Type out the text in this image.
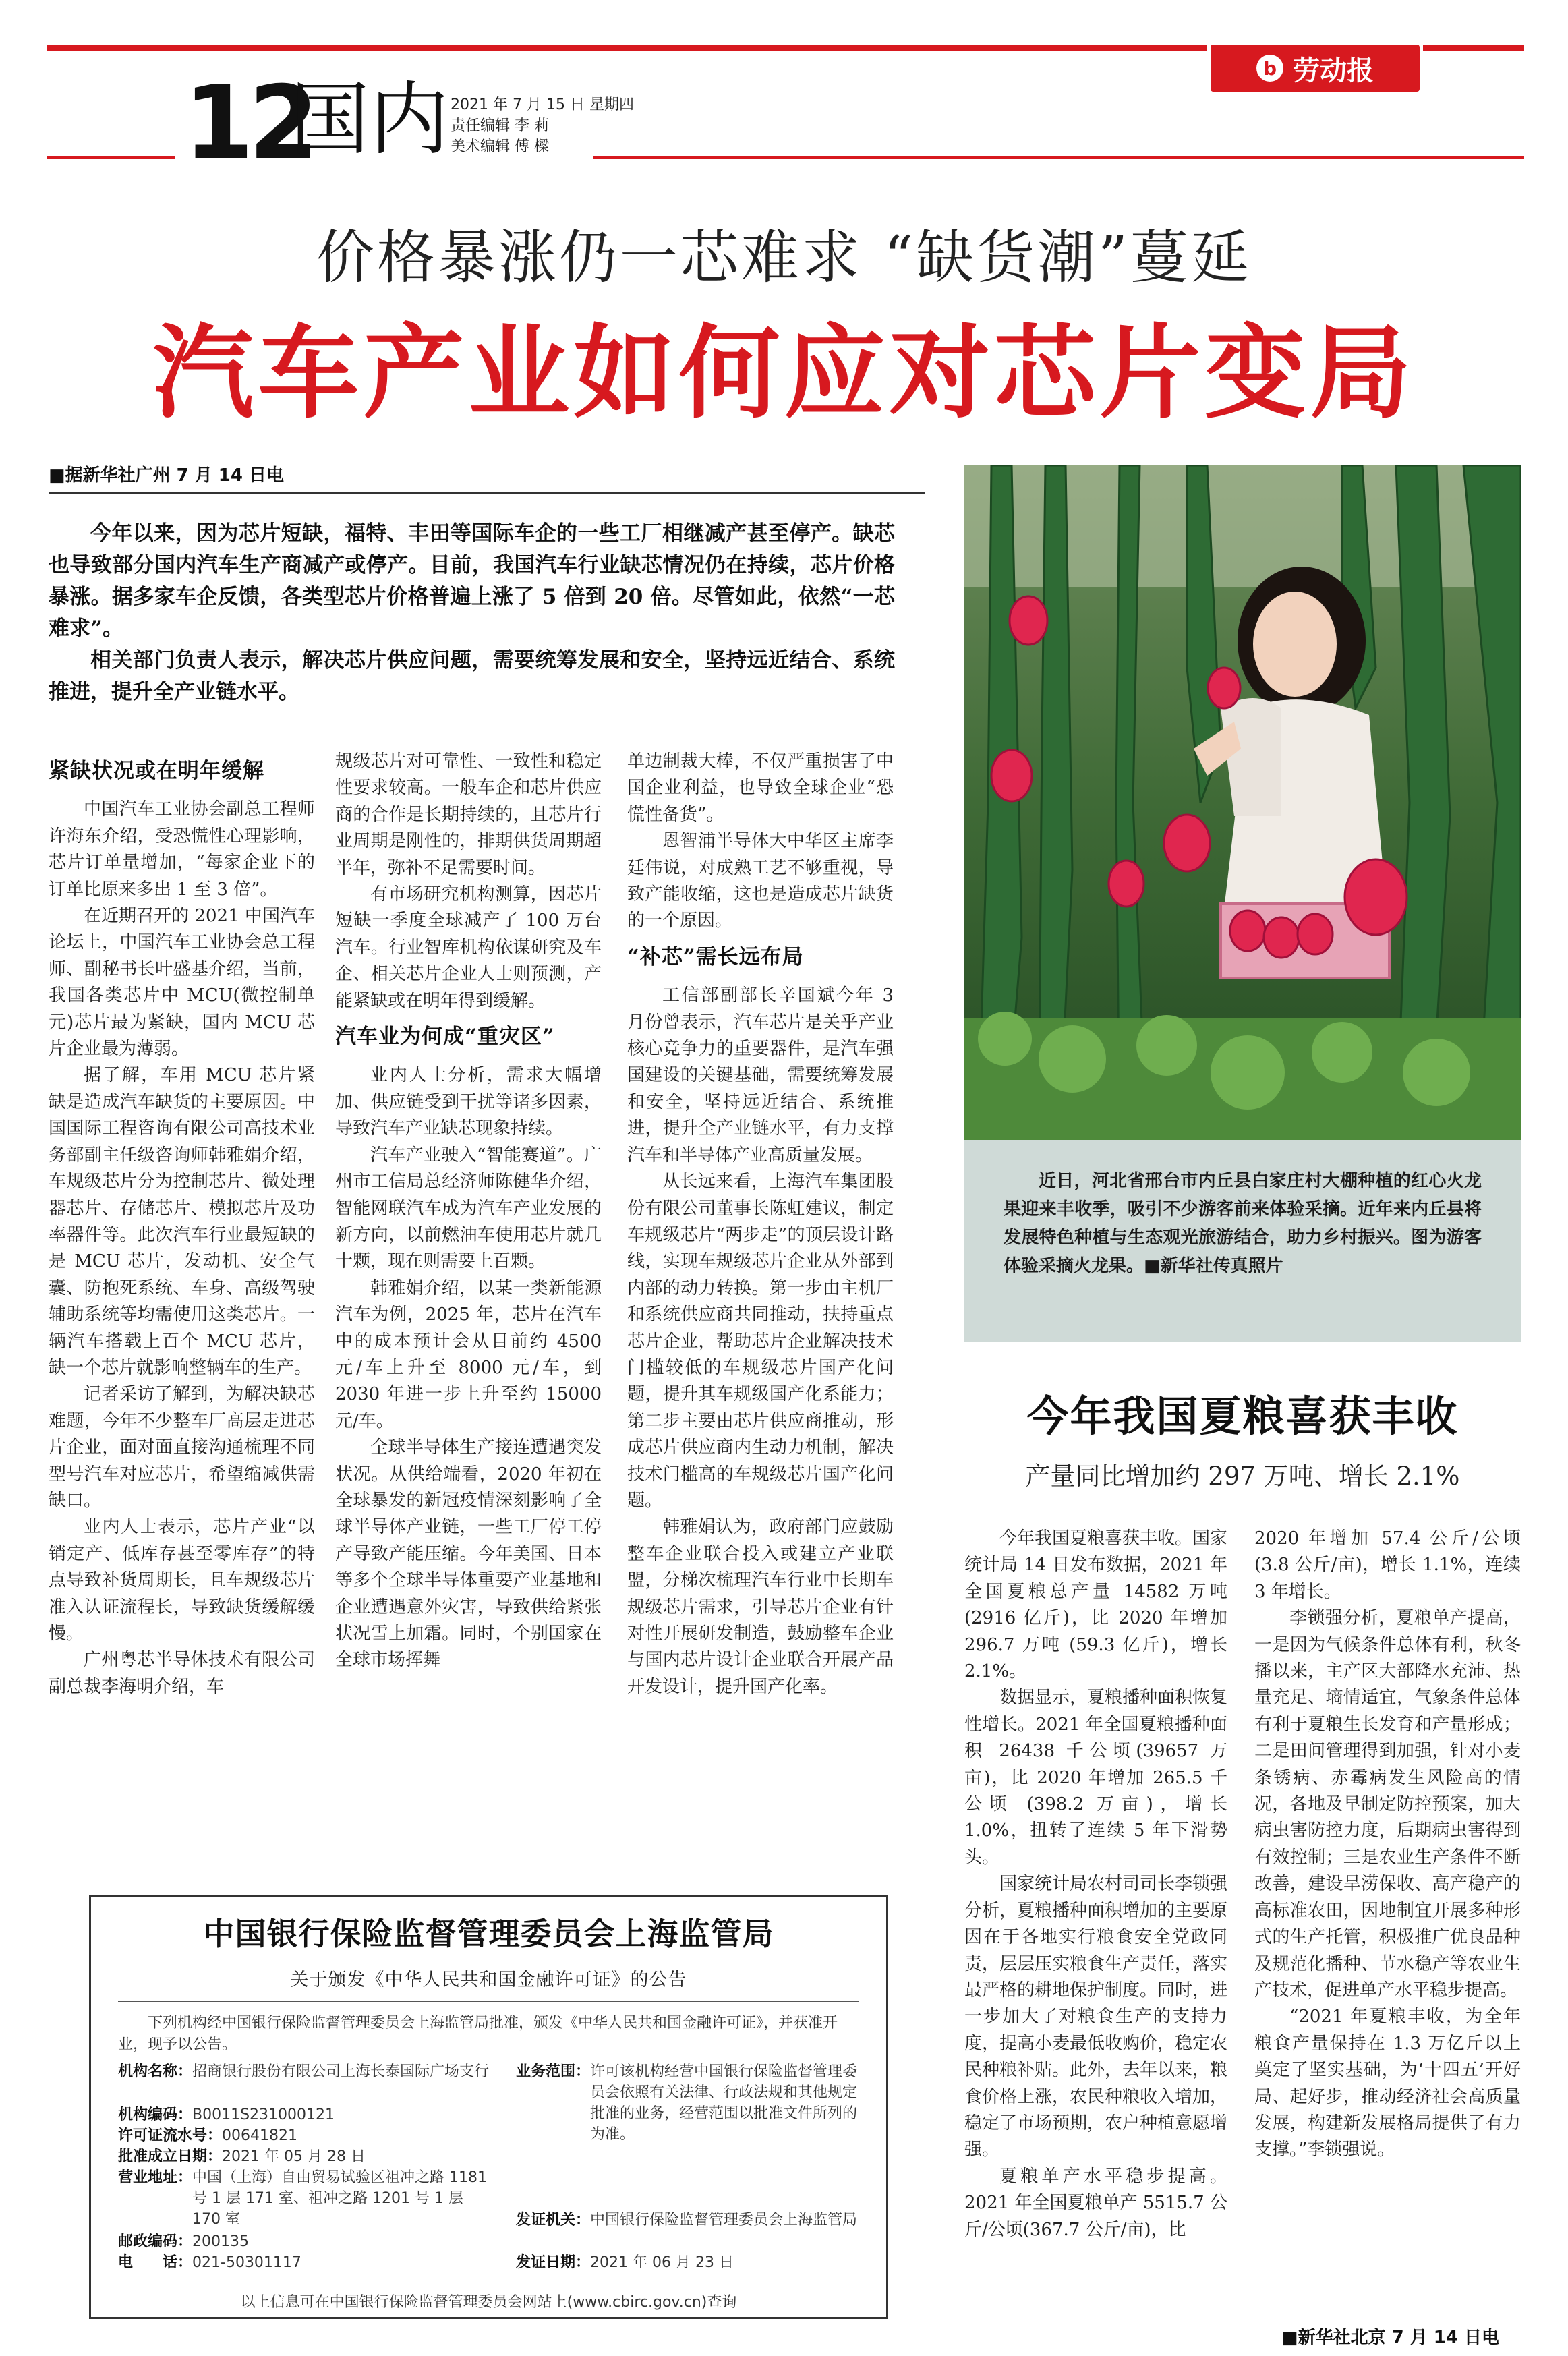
b 劳动报
12
国内 2021 年 7 月 15 日 星期四
责任编辑 李 莉
美术编辑 傅 樑
价格暴涨仍一芯难求 “缺货潮”蔓延
汽车产业如何应对芯片变局
■据新华社广州 7 月 14 日电

今年以来，因为芯片短缺，福特、丰田等国际车企的一些工厂相继减产甚至停产。缺芯也导致部分国内汽车生产商减产或停产。目前，我国汽车行业缺芯情况仍在持续，芯片价格暴涨。据多家车企反馈，各类型芯片价格普遍上涨了 5 倍到 20 倍。尽管如此，依然“一芯难求”。

相关部门负责人表示，解决芯片供应问题，需要统筹发展和安全，坚持远近结合、系统推进，提升全产业链水平。

紧缺状况或在明年缓解

中国汽车工业协会副总工程师许海东介绍，受恐慌性心理影响，芯片订单量增加，“每家企业下的订单比原来多出 1 至 3 倍”。

在近期召开的 2021 中国汽车论坛上，中国汽车工业协会总工程师、副秘书长叶盛基介绍，当前，我国各类芯片中 MCU(微控制单元)芯片最为紧缺，国内 MCU 芯片企业最为薄弱。

据了解，车用 MCU 芯片紧缺是造成汽车缺货的主要原因。中国国际工程咨询有限公司高技术业务部副主任级咨询师韩雅娟介绍，车规级芯片分为控制芯片、微处理器芯片、存储芯片、模拟芯片及功率器件等。此次汽车行业最短缺的是 MCU 芯片，发动机、安全气囊、防抱死系统、车身、高级驾驶辅助系统等均需使用这类芯片。一辆汽车搭载上百个 MCU 芯片，缺一个芯片就影响整辆车的生产。

记者采访了解到，为解决缺芯难题，今年不少整车厂高层走进芯片企业，面对面直接沟通梳理不同型号汽车对应芯片，希望缩减供需缺口。

业内人士表示，芯片产业“以销定产、低库存甚至零库存”的特点导致补货周期长，且车规级芯片准入认证流程长，导致缺货缓解缓慢。

广州粤芯半导体技术有限公司副总裁李海明介绍，车

规级芯片对可靠性、一致性和稳定性要求较高。一般车企和芯片供应商的合作是长期持续的，且芯片行业周期是刚性的，排期供货周期超半年，弥补不足需要时间。

有市场研究机构测算，因芯片短缺一季度全球减产了 100 万台汽车。行业智库机构依谋研究及车企、相关芯片企业人士则预测，产能紧缺或在明年得到缓解。

汽车业为何成“重灾区”

业内人士分析，需求大幅增加、供应链受到干扰等诸多因素，导致汽车产业缺芯现象持续。

汽车产业驶入“智能赛道”。广州市工信局总经济师陈健华介绍，智能网联汽车成为汽车产业发展的新方向，以前燃油车使用芯片就几十颗，现在则需要上百颗。

韩雅娟介绍，以某一类新能源汽车为例，2025 年，芯片在汽车中的成本预计会从目前约 4500 元/车上升至 8000 元/车，到 2030 年进一步上升至约 15000 元/车。

全球半导体生产接连遭遇突发状况。从供给端看，2020 年初在全球暴发的新冠疫情深刻影响了全球半导体产业链，一些工厂停工停产导致产能压缩。今年美国、日本等多个全球半导体重要产业基地和企业遭遇意外灾害，导致供给紧张状况雪上加霜。同时，个别国家在全球市场挥舞

单边制裁大棒，不仅严重损害了中国企业利益，也导致全球企业“恐慌性备货”。

恩智浦半导体大中华区主席李廷伟说，对成熟工艺不够重视，导致产能收缩，这也是造成芯片缺货的一个原因。

“补芯”需长远布局

工信部副部长辛国斌今年 3 月份曾表示，汽车芯片是关乎产业核心竞争力的重要器件，是汽车强国建设的关键基础，需要统筹发展和安全，坚持远近结合、系统推进，提升全产业链水平，有力支撑汽车和半导体产业高质量发展。

从长远来看，上海汽车集团股份有限公司董事长陈虹建议，制定车规级芯片“两步走”的顶层设计路线，实现车规级芯片企业从外部到内部的动力转换。第一步由主机厂和系统供应商共同推动，扶持重点芯片企业，帮助芯片企业解决技术门槛较低的车规级芯片国产化问题，提升其车规级国产化系能力；第二步主要由芯片供应商推动，形成芯片供应商内生动力机制，解决技术门槛高的车规级芯片国产化问题。

韩雅娟认为，政府部门应鼓励整车企业联合投入或建立产业联盟，分梯次梳理汽车行业中长期车规级芯片需求，引导芯片企业有针对性开展研发制造，鼓励整车企业与国内芯片设计企业联合开展产品开发设计，提升国产化率。

近日，河北省邢台市内丘县白家庄村大棚种植的红心火龙果迎来丰收季，吸引不少游客前来体验采摘。近年来内丘县将发展特色种植与生态观光旅游结合，助力乡村振兴。图为游客体验采摘火龙果。■新华社传真照片

今年我国夏粮喜获丰收
产量同比增加约 297 万吨、增长 2.1%

今年我国夏粮喜获丰收。国家统计局 14 日发布数据，2021 年全国夏粮总产量 14582 万吨(2916 亿斤)，比 2020 年增加 296.7 万吨 (59.3 亿斤)，增长 2.1%。

数据显示，夏粮播种面积恢复性增长。2021 年全国夏粮播种面积 26438 千公顷(39657 万亩)，比 2020 年增加 265.5 千公顷 (398.2 万亩)，增长 1.0%，扭转了连续 5 年下滑势头。

国家统计局农村司司长李锁强分析，夏粮播种面积增加的主要原因在于各地实行粮食安全党政同责，层层压实粮食生产责任，落实最严格的耕地保护制度。同时，进一步加大了对粮食生产的支持力度，提高小麦最低收购价，稳定农民种粮补贴。此外，去年以来，粮食价格上涨，农民种粮收入增加，稳定了市场预期，农户种植意愿增强。

夏粮单产水平稳步提高。2021 年全国夏粮单产 5515.7 公斤/公顷(367.7 公斤/亩)，比

2020 年增加 57.4 公斤/公顷 (3.8 公斤/亩)，增长 1.1%，连续 3 年增长。

李锁强分析，夏粮单产提高，一是因为气候条件总体有利，秋冬播以来，主产区大部降水充沛、热量充足、墒情适宜，气象条件总体有利于夏粮生长发育和产量形成；二是田间管理得到加强，针对小麦条锈病、赤霉病发生风险高的情况，各地及早制定防控预案，加大病虫害防控力度，后期病虫害得到有效控制；三是农业生产条件不断改善，建设旱涝保收、高产稳产的高标准农田，因地制宜开展多种形式的生产托管，积极推广优良品种及规范化播种、节水稳产等农业生产技术，促进单产水平稳步提高。

“2021 年夏粮丰收，为全年粮食产量保持在 1.3 万亿斤以上奠定了坚实基础，为‘十四五’开好局、起好步，推动经济社会高质量发展，构建新发展格局提供了有力支撑。”李锁强说。

■新华社北京 7 月 14 日电
中国银行保险监督管理委员会上海监管局
关于颁发《中华人民共和国金融许可证》的公告
下列机构经中国银行保险监督管理委员会上海监管局批准，颁发《中华人民共和国金融许可证》，并获准开业，现予以公告。
机构名称： 招商银行股份有限公司上海长泰国际广场支行
机构编码： B0011S231000121
许可证流水号： 00641821
批准成立日期： 2021 年 05 月 28 日
营业地址： 中国（上海）自由贸易试验区祖冲之路 1181 号 1 层 171 室、祖冲之路 1201 号 1 层 170 室
邮政编码： 200135
电　　话： 021-50301117
业务范围： 许可该机构经营中国银行保险监督管理委员会依照有关法律、行政法规和其他规定批准的业务，经营范围以批准文件所列的为准。
发证机关： 中国银行保险监督管理委员会上海监管局
发证日期： 2021 年 06 月 23 日
以上信息可在中国银行保险监督管理委员会网站上(www.cbirc.gov.cn)查询
